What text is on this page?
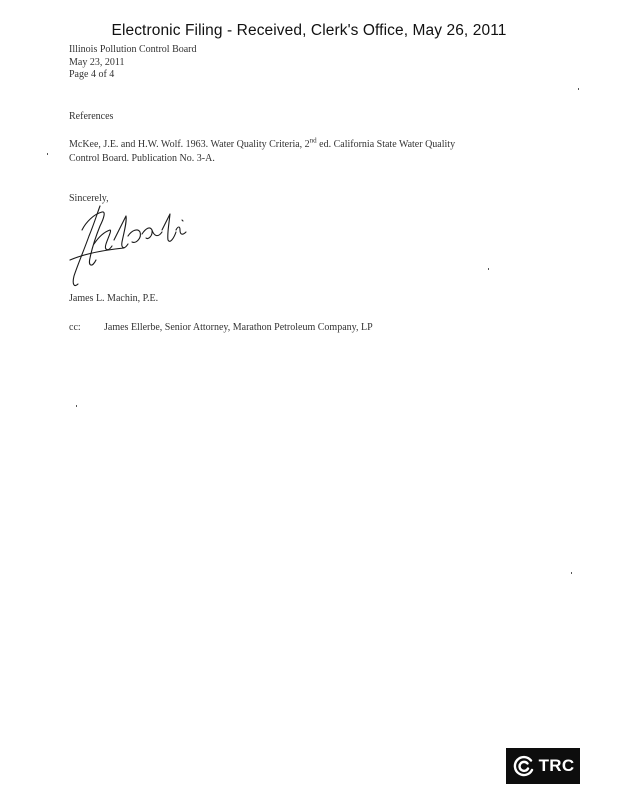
Electronic Filing - Received, Clerk's Office, May 26, 2011
Illinois Pollution Control Board
May 23, 2011
Page 4 of 4
References
McKee, J.E. and H.W. Wolf. 1963. Water Quality Criteria, 2nd ed. California State Water Quality
Control Board. Publication No. 3-A.
Sincerely,
James L. Machin, P.E.
cc:	James Ellerbe, Senior Attorney, Marathon Petroleum Company, LP
TRC
